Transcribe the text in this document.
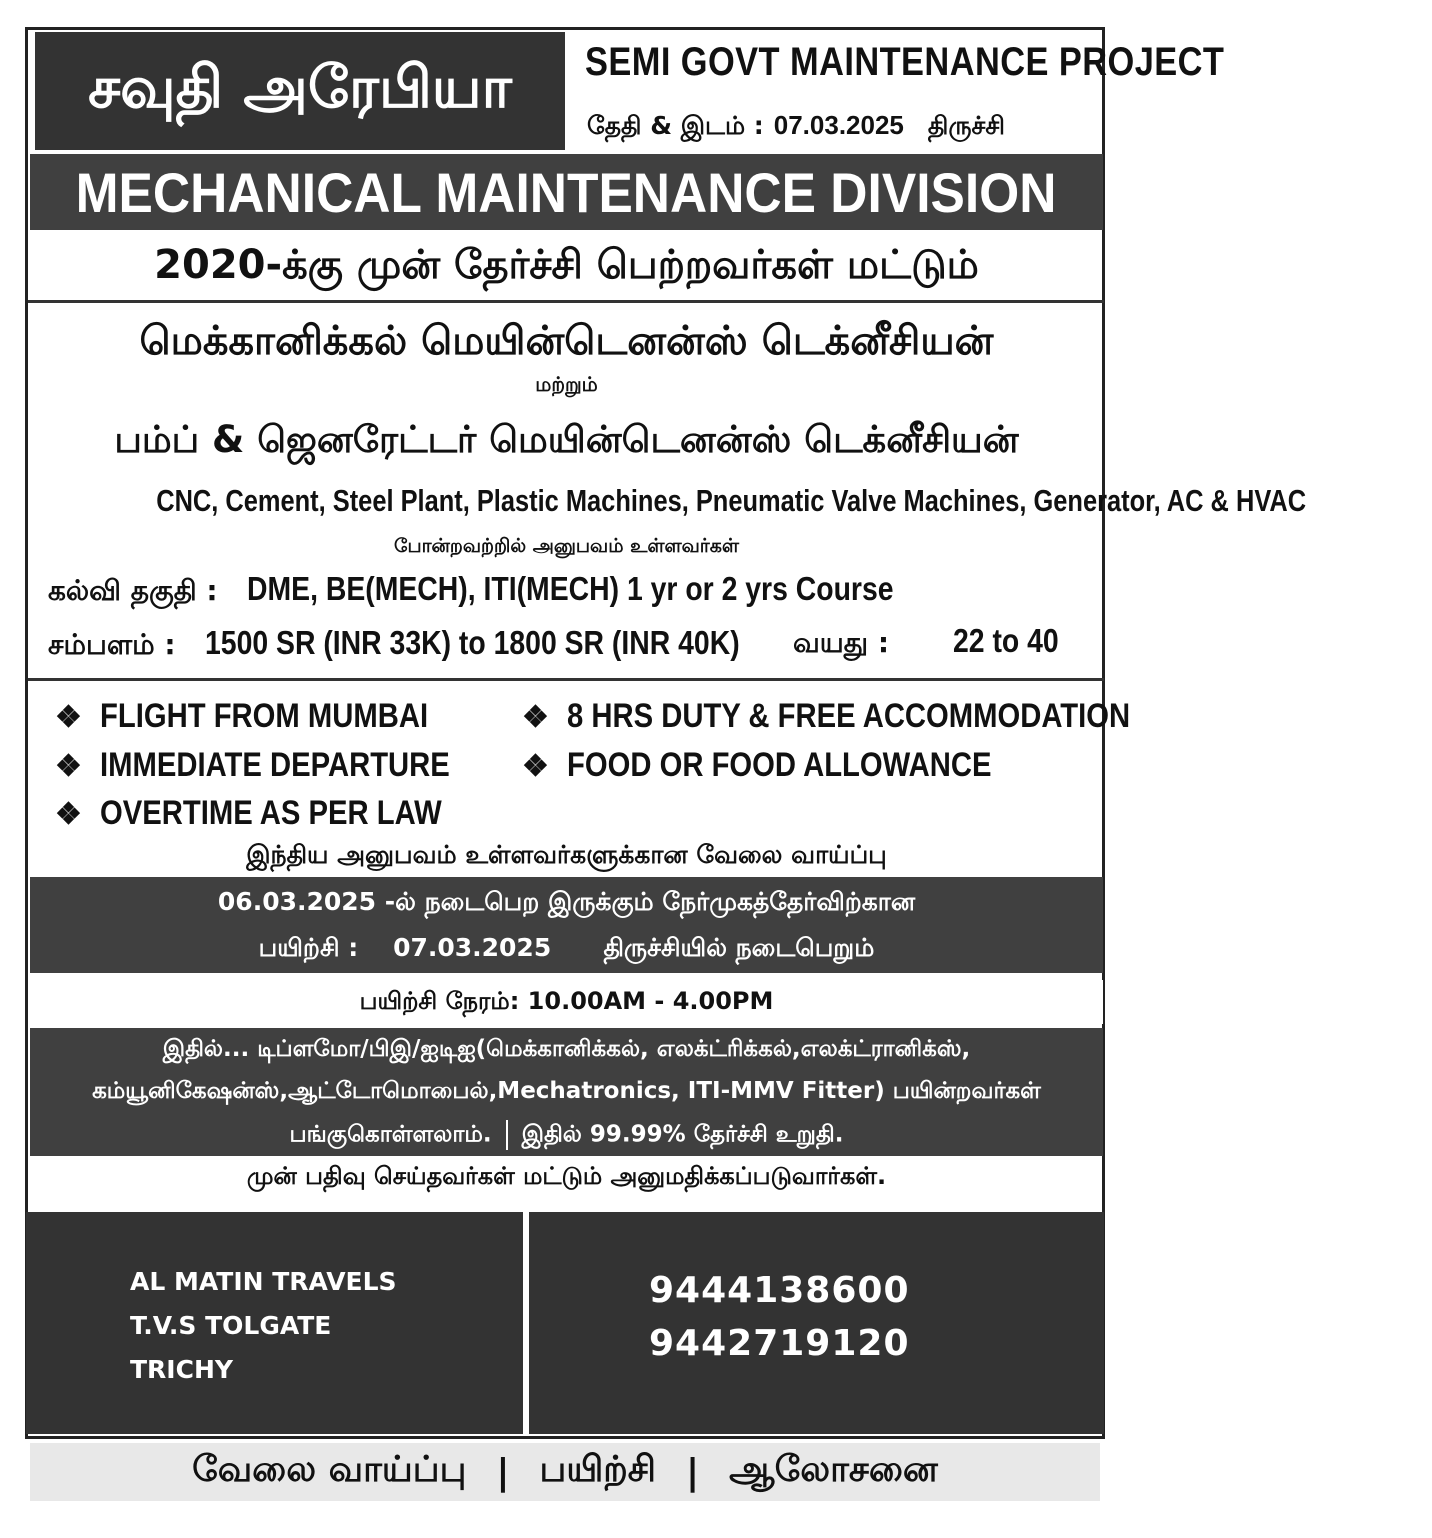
சவுதி அரேபியா SEMI GOVT MAINTENANCE PROJECT
தேதி & இடம் : 07.03.2025 திருச்சி
MECHANICAL MAINTENANCE DIVISION
2020-க்கு முன் தேர்ச்சி பெற்றவர்கள் மட்டும்
மெக்கானிக்கல் மெயின்டெனன்ஸ் டெக்னீசியன்
மற்றும்
பம்ப் & ஜெனரேட்டர் மெயின்டெனன்ஸ் டெக்னீசியன்
CNC, Cement, Steel Plant, Plastic Machines, Pneumatic Valve Machines, Generator, AC & HVAC
போன்றவற்றில் அனுபவம் உள்ளவர்கள்
கல்வி தகுதி : DME, BE(MECH), ITI(MECH) 1 yr or 2 yrs Course
சம்பளம் : 1500 SR (INR 33K) to 1800 SR (INR 40K) வயது : 22 to 40
❖ FLIGHT FROM MUMBAI	❖ 8 HRS DUTY & FREE ACCOMMODATION
❖ IMMEDIATE DEPARTURE	❖ FOOD OR FOOD ALLOWANCE
❖ OVERTIME AS PER LAW
இந்திய அனுபவம் உள்ளவர்களுக்கான வேலை வாய்ப்பு
06.03.2025 -ல் நடைபெற இருக்கும் நேர்முகத்தேர்விற்கான
பயிற்சி : 07.03.2025 திருச்சியில் நடைபெறும்
பயிற்சி நேரம்: 10.00AM - 4.00PM
இதில்... டிப்ளமோ/பிஇ/ஐடிஐ(மெக்கானிக்கல், எலக்ட்ரிக்கல்,எலக்ட்ரானிக்ஸ்,
கம்யூனிகேஷன்ஸ்,ஆட்டோமொபைல்,Mechatronics, ITI-MMV Fitter) பயின்றவர்கள்
பங்குகொள்ளலாம். இதில் 99.99% தேர்ச்சி உறுதி.
முன் பதிவு செய்தவர்கள் மட்டும் அனுமதிக்கப்படுவார்கள்.
AL MATIN TRAVELS
T.V.S TOLGATE
TRICHY
9444138600
9442719120
வேலை வாய்ப்பு | பயிற்சி | ஆலோசனை
